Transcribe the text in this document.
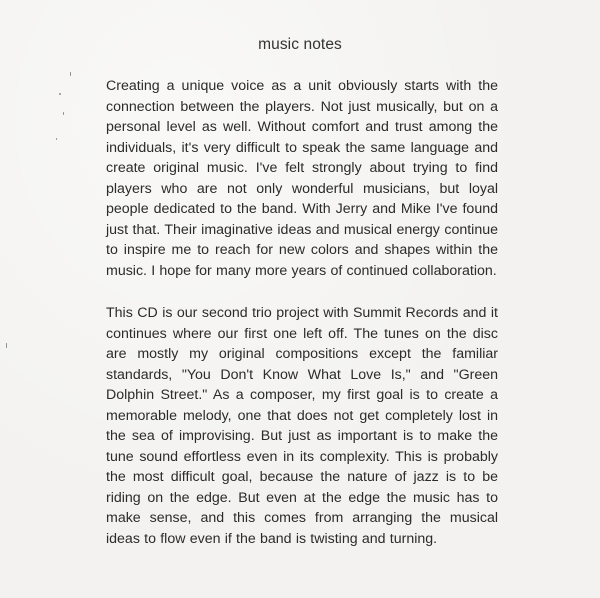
music notes

Creating a unique voice as a unit obviously starts with the connection between the players. Not just musically, but on a personal level as well. Without comfort and trust among the individuals, it's very difficult to speak the same language and create original music. I've felt strongly about trying to find players who are not only wonderful musicians, but loyal people dedicated to the band. With Jerry and Mike I've found just that. Their imaginative ideas and musical energy continue to inspire me to reach for new colors and shapes within the music. I hope for many more years of continued collaboration.

This CD is our second trio project with Summit Records and it continues where our first one left off. The tunes on the disc are mostly my original compositions except the familiar standards, "You Don't Know What Love Is," and "Green Dolphin Street." As a composer, my first goal is to create a memorable melody, one that does not get completely lost in the sea of improvising. But just as important is to make the tune sound effortless even in its complexity. This is probably the most difficult goal, because the nature of jazz is to be riding on the edge. But even at the edge the music has to make sense, and this comes from arranging the musical ideas to flow even if the band is twisting and turning.
